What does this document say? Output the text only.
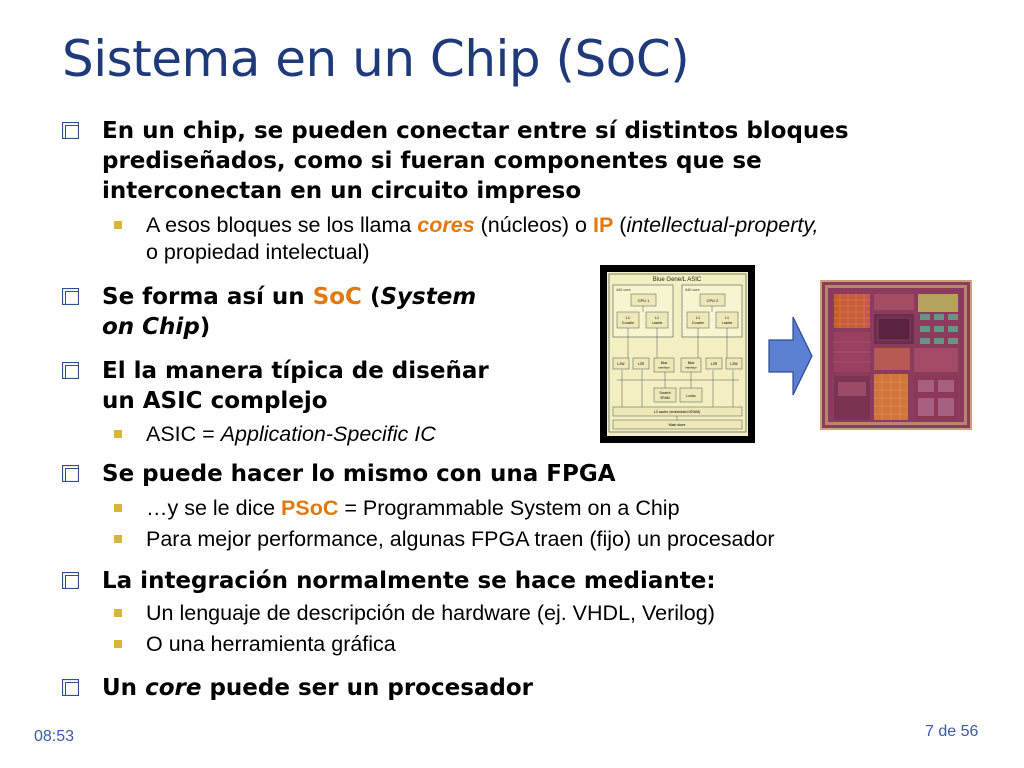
Sistema en un Chip (SoC)
En un chip, se pueden conectar entre sí distintos bloques
prediseñados, como si fueran componentes que se
interconectan en un circuito impreso
A esos bloques se los llama cores (núcleos) o IP (intellectual-property,
o propiedad intelectual)
Se forma así un SoC (System
on Chip)
El la manera típica de diseñar
un ASIC complejo
ASIC = Application-Specific IC
Se puede hacer lo mismo con una FPGA
…y se le dice PSoC = Programmable System on a Chip
Para mejor performance, algunas FPGA traen (fijo) un procesador
La integración normalmente se hace mediante:
Un lenguaje de descripción de hardware (ej. VHDL, Verilog)
O una herramienta gráfica
Un core puede ser un procesador
Blue Gene/L ASIC
440 core	440 core
CPU 1	CPU 2
L1
D-cache
L1
I-cache
L1
D-cache
L1
I-cache
L2W	L2R	Blue
interface
Blue
interface
L2R	L2W
Scratch
SRAM	Locks
L3 cache (embedded DRAM)
Main store
08:53	7 de 56
